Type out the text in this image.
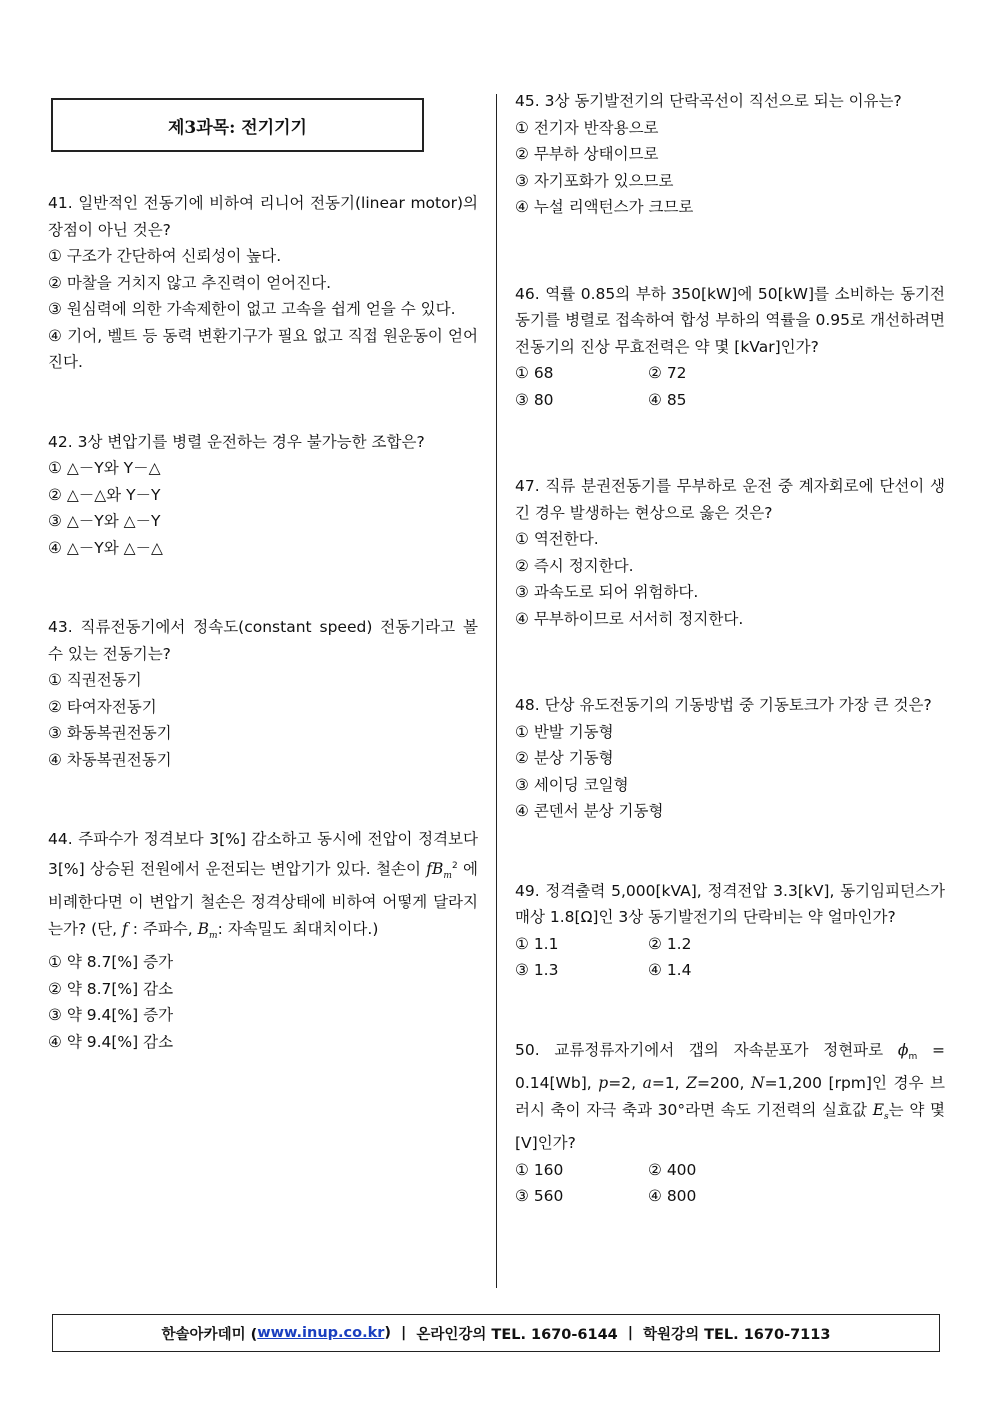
제3과목: 전기기기
41. 일반적인 전동기에 비하여 리니어 전동기(linear motor)의 장점이 아닌 것은?
① 구조가 간단하여 신뢰성이 높다.
② 마찰을 거치지 않고 추진력이 얻어진다.
③ 원심력에 의한 가속제한이 없고 고속을 쉽게 얻을 수 있다.
④ 기어, 벨트 등 동력 변환기구가 필요 없고 직접 원운동이 얻어진다.
42. 3상 변압기를 병렬 운전하는 경우 불가능한 조합은?
① △－Y와 Y－△
② △－△와 Y－Y
③ △－Y와 △－Y
④ △－Y와 △－△
43. 직류전동기에서 정속도(constant speed) 전동기라고 볼 수 있는 전동기는?
① 직권전동기
② 타여자전동기
③ 화동복권전동기
④ 차동복권전동기
44. 주파수가 정격보다 3[%] 감소하고 동시에 전압이 정격보다 3[%] 상승된 전원에서 운전되는 변압기가 있다. 철손이 $fB_m^2$ 에 비례한다면 이 변압기 철손은 정격상태에 비하여 어떻게 달라지는가? (단, f : 주파수, $B_m$: 자속밀도 최대치이다.)
① 약 8.7[%] 증가
② 약 8.7[%] 감소
③ 약 9.4[%] 증가
④ 약 9.4[%] 감소
45. 3상 동기발전기의 단락곡선이 직선으로 되는 이유는?
① 전기자 반작용으로
② 무부하 상태이므로
③ 자기포화가 있으므로
④ 누설 리액턴스가 크므로
46. 역률 0.85의 부하 350[kW]에 50[kW]를 소비하는 동기전동기를 병렬로 접속하여 합성 부하의 역률을 0.95로 개선하려면 전동기의 진상 무효전력은 약 몇 [kVar]인가?
① 68	② 72
③ 80	④ 85
47. 직류 분권전동기를 무부하로 운전 중 계자회로에 단선이 생긴 경우 발생하는 현상으로 옳은 것은?
① 역전한다.
② 즉시 정지한다.
③ 과속도로 되어 위험하다.
④ 무부하이므로 서서히 정지한다.
48. 단상 유도전동기의 기동방법 중 기동토크가 가장 큰 것은?
① 반발 기동형
② 분상 기동형
③ 세이딩 코일형
④ 콘덴서 분상 기동형
49. 정격출력 5,000[kVA], 정격전압 3.3[kV], 동기임피던스가 매상 1.8[Ω]인 3상 동기발전기의 단락비는 약 얼마인가?
① 1.1	② 1.2
③ 1.3	④ 1.4
50. 교류정류자기에서 갭의 자속분포가 정현파로 $\phi_m = 0.14[Wb]$, p=2, a=1, Z=200, N=1,200 [rpm]인 경우 브러시 축이 자극 축과 30°라면 속도 기전력의 실효값 $E_s$는 약 몇 [V]인가?
① 160	② 400
③ 560	④ 800
한솔아카데미 ( www.inup.co.kr ) | 온라인강의 TEL. 1670-6144 | 학원강의 TEL. 1670-7113
